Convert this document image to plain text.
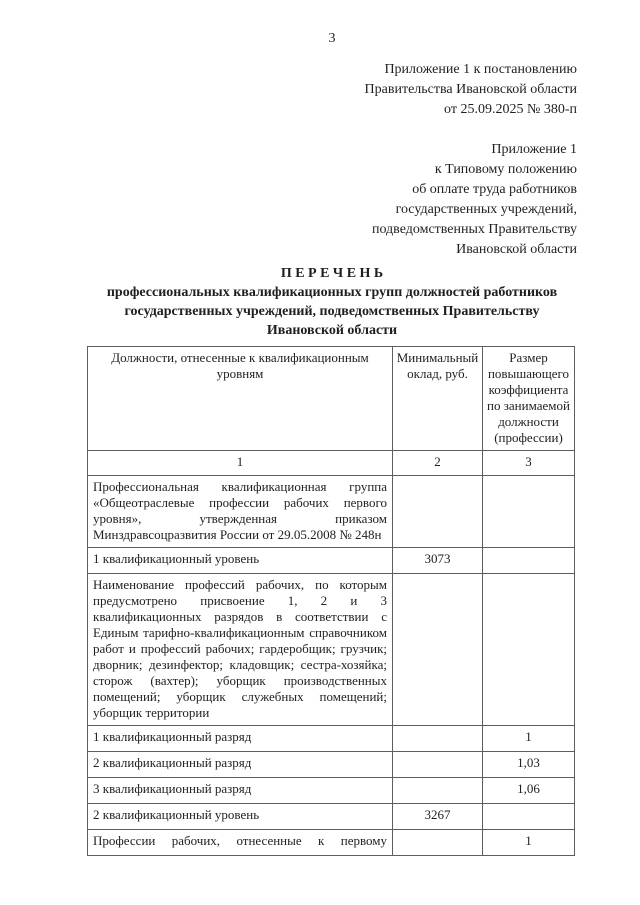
3
Приложение 1 к постановлению
Правительства Ивановской области
от 25.09.2025 № 380-п
Приложение 1
к Типовому положению
об оплате труда работников
государственных учреждений,
подведомственных Правительству
Ивановской области
П Е Р Е Ч Е Н Ь
профессиональных квалификационных групп должностей работников государственных учреждений, подведомственных Правительству Ивановской области
Должности, отнесенные к квалификационным уровням	Минимальный оклад, руб.	Размер повышающего коэффициента по занимаемой должности (профессии)
1	2	3
Профессиональная квалификационная группа «Общеотраслевые профессии рабочих первого уровня», утвержденная приказом Минздравсоцразвития России от 29.05.2008 № 248н		
1 квалификационный уровень	3073	
Наименование профессий рабочих, по которым предусмотрено присвоение 1, 2 и 3 квалификационных разрядов в соответствии с Единым тарифно-квалификационным справочником работ и профессий рабочих; гардеробщик; грузчик; дворник; дезинфектор; кладовщик; сестра-хозяйка; сторож (вахтер); уборщик производственных помещений; уборщик служебных помещений; уборщик территории		
1 квалификационный разряд		1
2 квалификационный разряд		1,03
3 квалификационный разряд		1,06
2 квалификационный уровень	3267	
Профессии рабочих, отнесенные к первому		1
